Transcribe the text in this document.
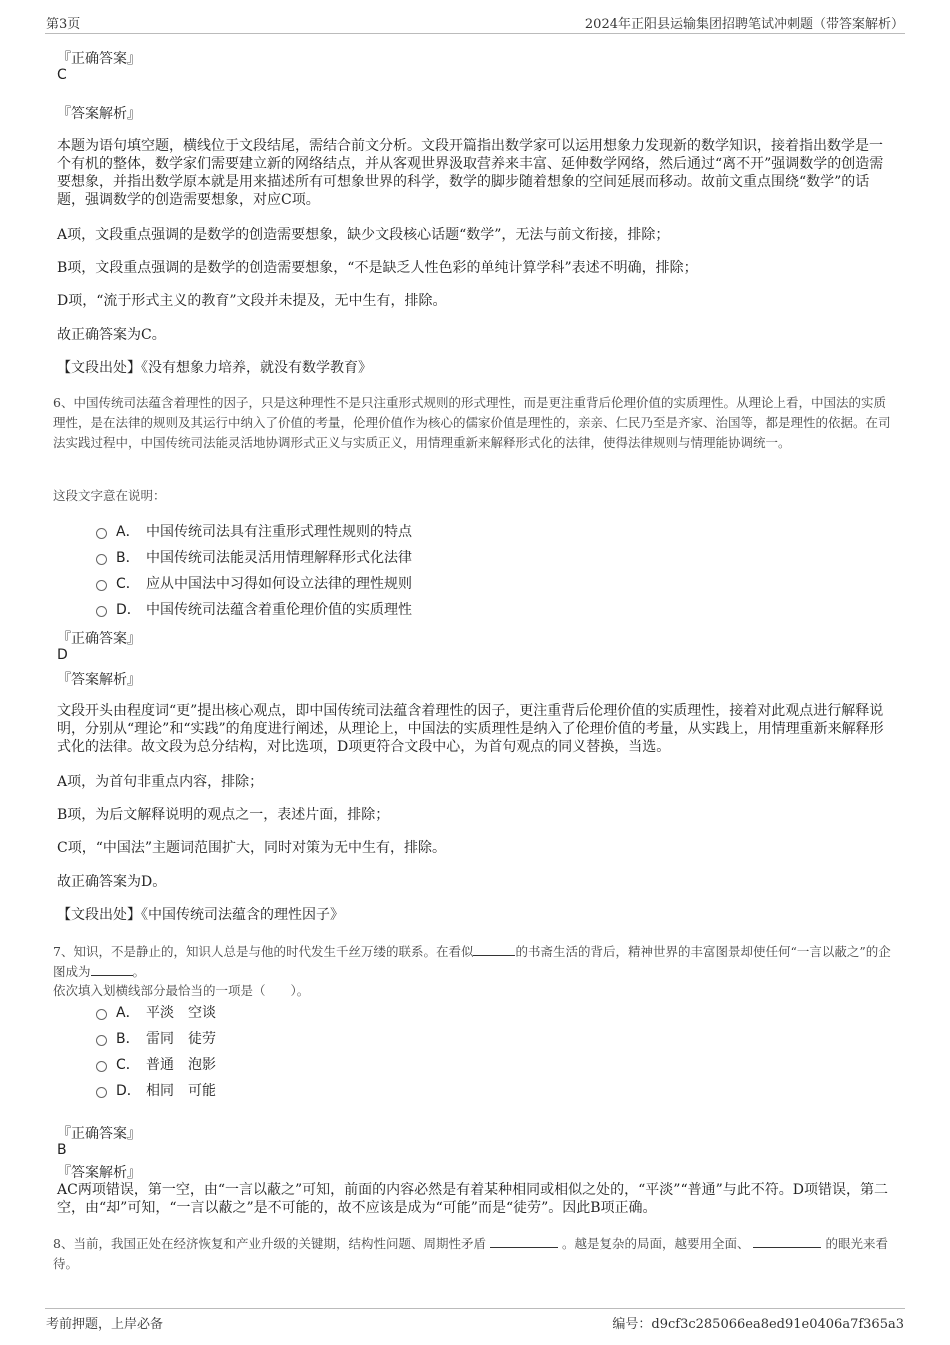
第3页	2024年正阳县运输集团招聘笔试冲刺题（带答案解析）
『正确答案』
C
『答案解析』
本题为语句填空题，横线位于文段结尾，需结合前文分析。文段开篇指出数学家可以运用想象力发现新的数学知识，接着指出数学是一个有机的整体，数学家们需要建立新的网络结点，并从客观世界汲取营养来丰富、延伸数学网络，然后通过“离不开”强调数学的创造需要想象，并指出数学原本就是用来描述所有可想象世界的科学，数学的脚步随着想象的空间延展而移动。故前文重点围绕“数学”的话题，强调数学的创造需要想象，对应C项。
A项，文段重点强调的是数学的创造需要想象，缺少文段核心话题“数学”，无法与前文衔接，排除；
B项，文段重点强调的是数学的创造需要想象，“不是缺乏人性色彩的单纯计算学科”表述不明确，排除；
D项，“流于形式主义的教育”文段并未提及，无中生有，排除。
故正确答案为C。
【文段出处】《没有想象力培养，就没有数学教育》
6、中国传统司法蕴含着理性的因子，只是这种理性不是只注重形式规则的形式理性，而是更注重背后伦理价值的实质理性。从理论上看，中国法的实质理性，是在法律的规则及其运行中纳入了价值的考量，伦理价值作为核心的儒家价值是理性的，亲亲、仁民乃至是齐家、治国等，都是理性的依据。在司法实践过程中，中国传统司法能灵活地协调形式正义与实质正义，用情理重新来解释形式化的法律，使得法律规则与情理能协调统一。
这段文字意在说明：
A． 中国传统司法具有注重形式理性规则的特点
B． 中国传统司法能灵活用情理解释形式化法律
C． 应从中国法中习得如何设立法律的理性规则
D． 中国传统司法蕴含着重伦理价值的实质理性
『正确答案』
D
『答案解析』
文段开头由程度词“更”提出核心观点，即中国传统司法蕴含着理性的因子，更注重背后伦理价值的实质理性，接着对此观点进行解释说明，分别从“理论”和“实践”的角度进行阐述，从理论上，中国法的实质理性是纳入了伦理价值的考量，从实践上，用情理重新来解释形式化的法律。故文段为总分结构，对比选项，D项更符合文段中心，为首句观点的同义替换，当选。
A项，为首句非重点内容，排除；
B项，为后文解释说明的观点之一，表述片面，排除；
C项，“中国法”主题词范围扩大，同时对策为无中生有，排除。
故正确答案为D。
【文段出处】《中国传统司法蕴含的理性因子》
7、知识，不是静止的，知识人总是与他的时代发生千丝万缕的联系。在看似	的书斋生活的背后，精神世界的丰富图景却使任何“一言以蔽之”的企图成为	。
依次填入划横线部分最恰当的一项是（　　）。
A． 平淡　空谈
B． 雷同　徒劳
C． 普通　泡影
D． 相同　可能
『正确答案』
B
『答案解析』
AC两项错误，第一空，由“一言以蔽之”可知，前面的内容必然是有着某种相同或相似之处的，“平淡”“普通”与此不符。D项错误，第二空，由“却”可知，“一言以蔽之”是不可能的，故不应该是成为“可能”而是“徒劳”。因此B项正确。
8、当前，我国正处在经济恢复和产业升级的关键期，结构性问题、周期性矛盾	。越是复杂的局面，越要用全面、	的眼光来看待。
考前押题，上岸必备	编号：d9cf3c285066ea8ed91e0406a7f365a3
